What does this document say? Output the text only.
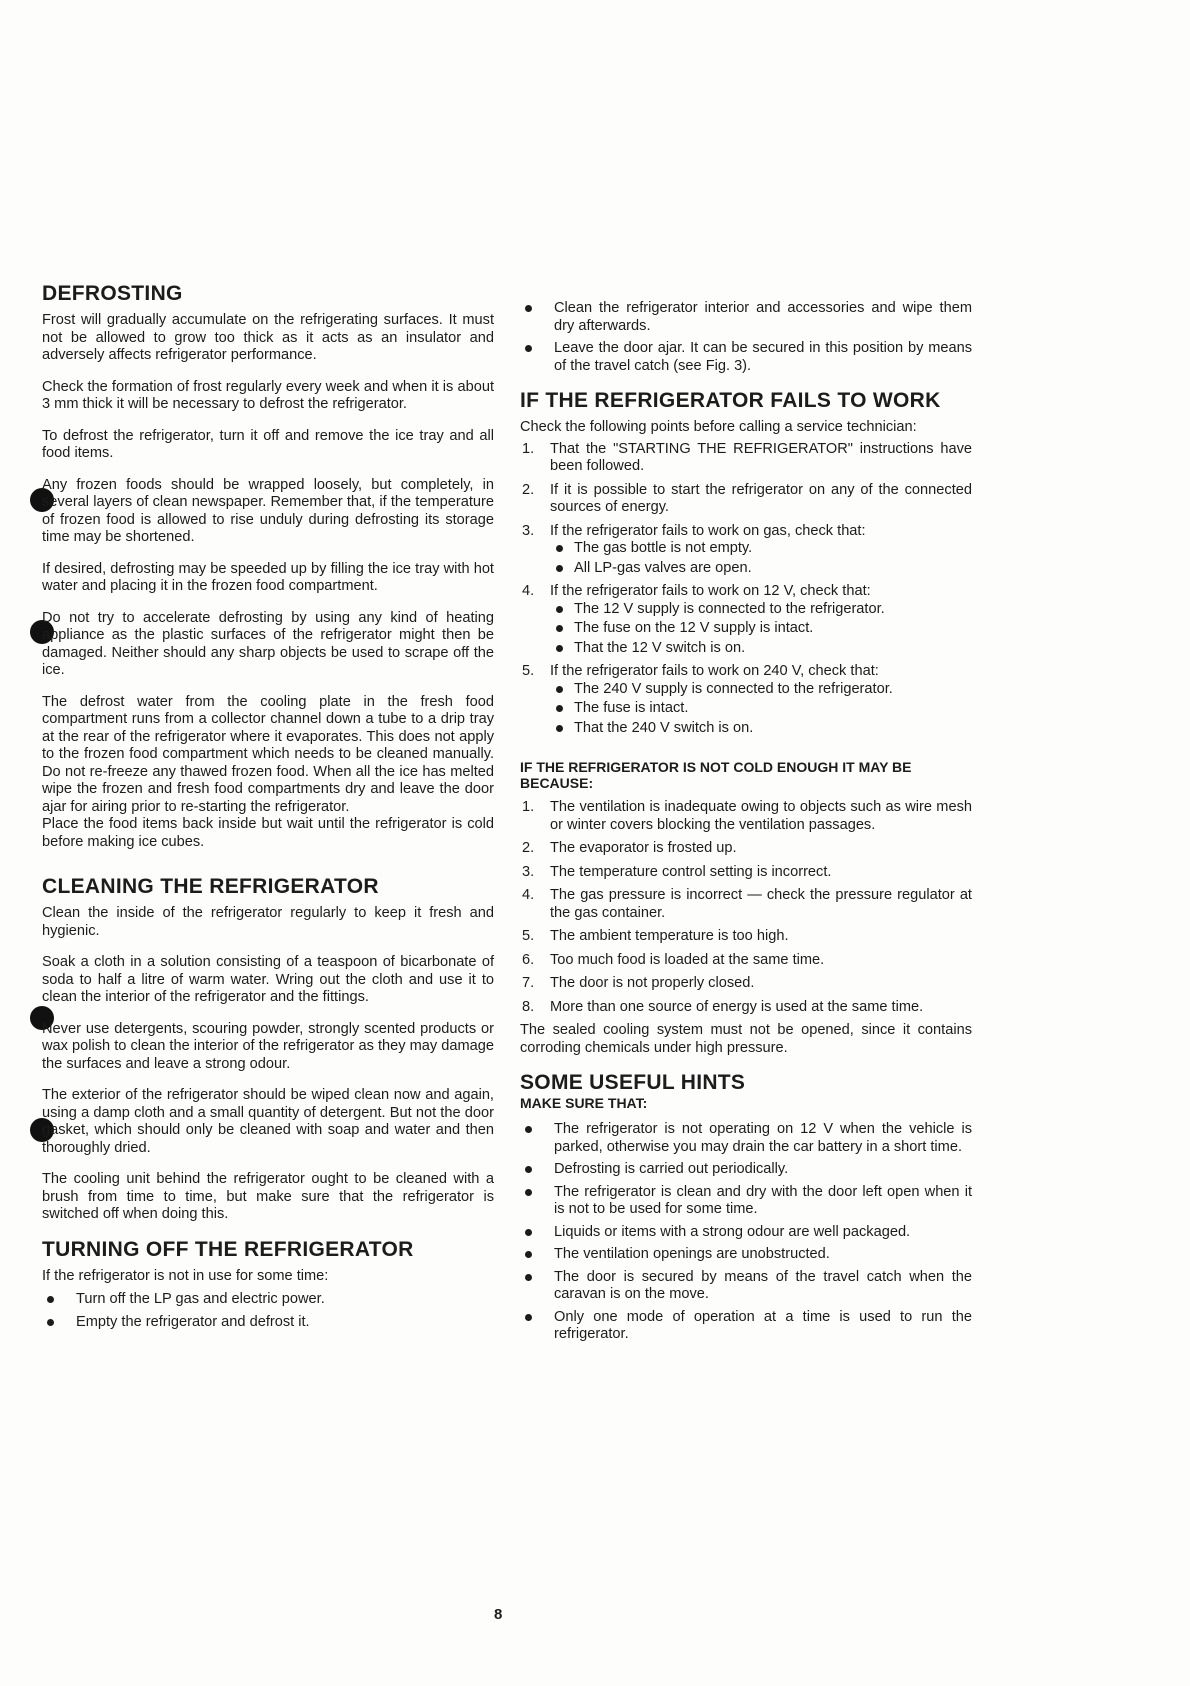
DEFROSTING

Frost will gradually accumulate on the refrigerating surfaces. It must not be allowed to grow too thick as it acts as an insulator and adversely affects refrigerator performance.

Check the formation of frost regularly every week and when it is about 3 mm thick it will be necessary to defrost the refrigerator.

To defrost the refrigerator, turn it off and remove the ice tray and all food items.

Any frozen foods should be wrapped loosely, but completely, in several layers of clean newspaper. Remember that, if the temperature of frozen food is allowed to rise unduly during defrosting its storage time may be shortened.

If desired, defrosting may be speeded up by filling the ice tray with hot water and placing it in the frozen food compartment.

Do not try to accelerate defrosting by using any kind of heating appliance as the plastic surfaces of the refrigerator might then be damaged. Neither should any sharp objects be used to scrape off the ice.

The defrost water from the cooling plate in the fresh food compartment runs from a collector channel down a tube to a drip tray at the rear of the refrigerator where it evaporates. This does not apply to the frozen food compartment which needs to be cleaned manually. Do not re-freeze any thawed frozen food. When all the ice has melted wipe the frozen and fresh food compartments dry and leave the door ajar for airing prior to re-starting the refrigerator.

Place the food items back inside but wait until the refrigerator is cold before making ice cubes.

CLEANING THE REFRIGERATOR

Clean the inside of the refrigerator regularly to keep it fresh and hygienic.

Soak a cloth in a solution consisting of a teaspoon of bicarbonate of soda to half a litre of warm water. Wring out the cloth and use it to clean the interior of the refrigerator and the fittings.

Never use detergents, scouring powder, strongly scented products or wax polish to clean the interior of the refrigerator as they may damage the surfaces and leave a strong odour.

The exterior of the refrigerator should be wiped clean now and again, using a damp cloth and a small quantity of detergent. But not the door gasket, which should only be cleaned with soap and water and then thoroughly dried.

The cooling unit behind the refrigerator ought to be cleaned with a brush from time to time, but make sure that the refrigerator is switched off when doing this.

TURNING OFF THE REFRIGERATOR

If the refrigerator is not in use for some time:

Turn off the LP gas and electric power.
Empty the refrigerator and defrost it.
Clean the refrigerator interior and accessories and wipe them dry afterwards.
Leave the door ajar. It can be secured in this position by means of the travel catch (see Fig. 3).
IF THE REFRIGERATOR FAILS TO WORK

Check the following points before calling a service technician:

1. That the "STARTING THE REFRIGERATOR" instructions have been followed.
2. If it is possible to start the refrigerator on any of the connected sources of energy.
3. If the refrigerator fails to work on gas, check that:
The gas bottle is not empty.
All LP-gas valves are open.
4. If the refrigerator fails to work on 12 V, check that:
The 12 V supply is connected to the refrigerator.
The fuse on the 12 V supply is intact.
That the 12 V switch is on.
5. If the refrigerator fails to work on 240 V, check that:
The 240 V supply is connected to the refrigerator.
The fuse is intact.
That the 240 V switch is on.
IF THE REFRIGERATOR IS NOT COLD ENOUGH IT MAY BE BECAUSE:
1. The ventilation is inadequate owing to objects such as wire mesh or winter covers blocking the ventilation passages.
2. The evaporator is frosted up.
3. The temperature control setting is incorrect.
4. The gas pressure is incorrect — check the pressure regulator at the gas container.
5. The ambient temperature is too high.
6. Too much food is loaded at the same time.
7. The door is not properly closed.
8. More than one source of energy is used at the same time.

The sealed cooling system must not be opened, since it contains corroding chemicals under high pressure.

SOME USEFUL HINTS
MAKE SURE THAT:
The refrigerator is not operating on 12 V when the vehicle is parked, otherwise you may drain the car battery in a short time.
Defrosting is carried out periodically.
The refrigerator is clean and dry with the door left open when it is not to be used for some time.
Liquids or items with a strong odour are well packaged.
The ventilation openings are unobstructed.
The door is secured by means of the travel catch when the caravan is on the move.
Only one mode of operation at a time is used to run the refrigerator.
8
